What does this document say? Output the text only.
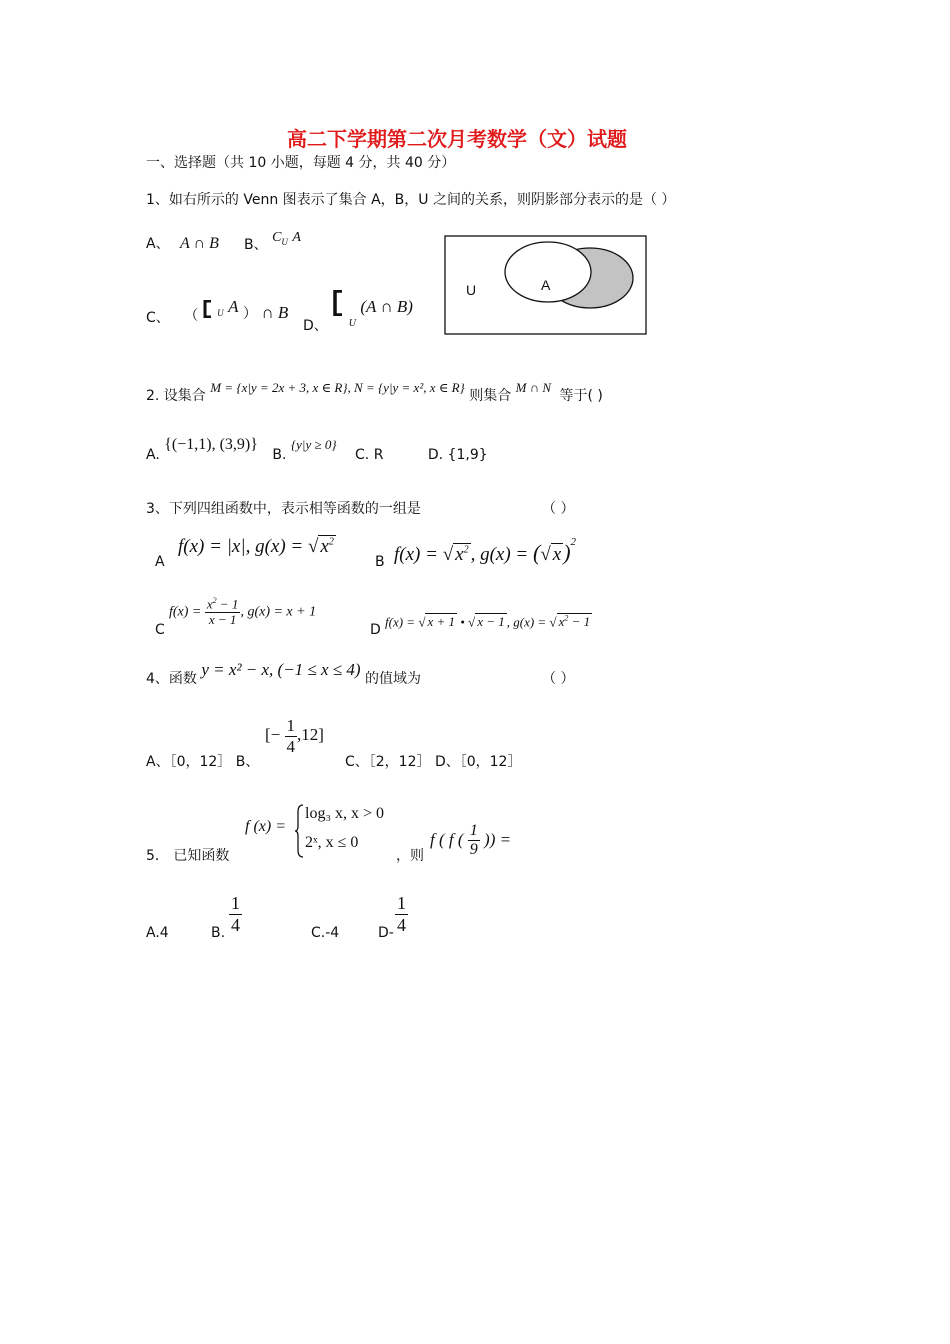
高二下学期第二次月考数学（文）试题
一、选择题（共 10 小题，每题 4 分，共 40 分）
1、如右所示的 Venn 图表示了集合 A，B，U 之间的关系，则阴影部分表示的是（ ）
A、 A ∩ B B、 $C_U$ A
C、 （ $_U$ A ） ∩ B
D、 $_U$ (A ∩ B)
U	A
2. 设集合 M = {x|y = 2x + 3, x ∈ R}, N = {y|y = x², x ∈ R} 则集合 M ∩ N 等于( )
A. {(−1,1), (3,9)} B. {y|y ≥ 0} C. R	D. {1,9}
3、下列四组函数中，表示相等函数的一组是	（ ）
A
f(x) = |x|, g(x) = √ $x^2$
B f(x) = √ $x^2$ , g(x) = (√ x)$^2$
C
$f(x) = \frac{x^2 - 1}{x - 1}$ , g(x) = x + 1
D
f(x) = √ x + 1 • √ x − 1 , g(x) = √ $x^2 - 1$
4、函数 y = x² − x, (−1 ≤ x ≤ 4) 的值域为	（ ）
A、［0，12］ B、
[− $\frac{1}{4} ,12$]
C、［2，12］ D、［0，12］
5． 已知函数
f (x) =
log₃ x, x > 0
2ˣ, x ≤ 0
，则
f ( f ( $\frac{1}{9}$ )) =
A.4	B. $\frac{1}{4}$	C.-4	$D- \frac{1}{4}$
